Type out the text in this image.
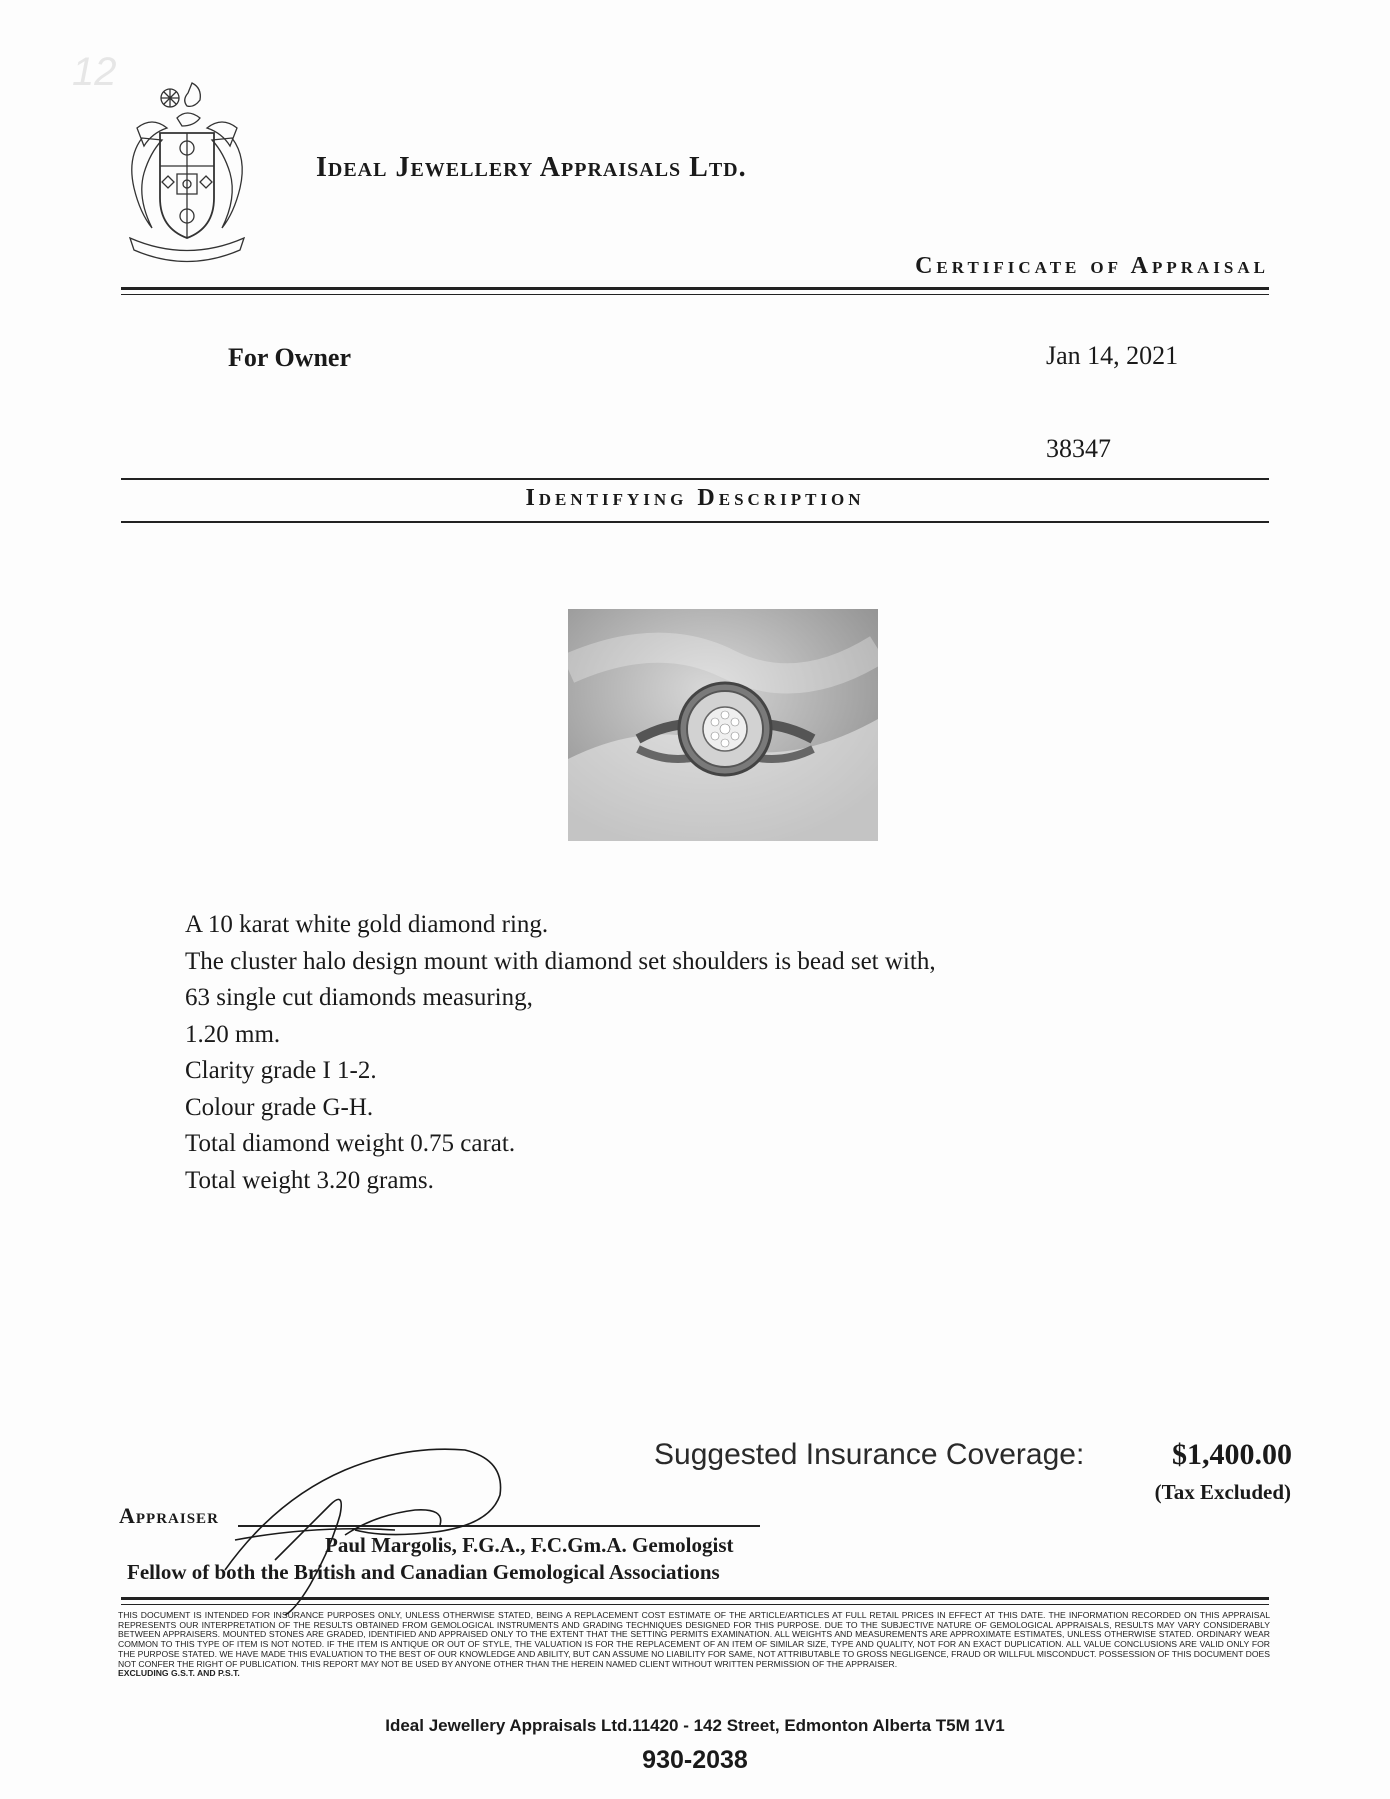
12
Ideal Jewellery Appraisals Ltd.
Certificate of Appraisal
For Owner	Jan 14, 2021
38347
Identifying Description
A 10 karat white gold diamond ring.
The cluster halo design mount with diamond set shoulders is bead set with,
63 single cut diamonds measuring,
1.20 mm.
Clarity grade I 1-2.
Colour grade G-H.
Total diamond weight 0.75 carat.
Total weight 3.20 grams.
Suggested Insurance Coverage:	$1,400.00
(Tax Excluded)
Appraiser
Paul Margolis, F.G.A., F.C.Gm.A. Gemologist
Fellow of both the British and Canadian Gemological Associations
THIS DOCUMENT IS INTENDED FOR INSURANCE PURPOSES ONLY, UNLESS OTHERWISE STATED, BEING A REPLACEMENT COST ESTIMATE OF THE ARTICLE/ARTICLES AT FULL RETAIL PRICES IN EFFECT AT THIS DATE. THE INFORMATION RECORDED ON THIS APPRAISAL REPRESENTS OUR INTERPRETATION OF THE RESULTS OBTAINED FROM GEMOLOGICAL INSTRUMENTS AND GRADING TECHNIQUES DESIGNED FOR THIS PURPOSE. DUE TO THE SUBJECTIVE NATURE OF GEMOLOGICAL APPRAISALS, RESULTS MAY VARY CONSIDERABLY BETWEEN APPRAISERS. MOUNTED STONES ARE GRADED, IDENTIFIED AND APPRAISED ONLY TO THE EXTENT THAT THE SETTING PERMITS EXAMINATION. ALL WEIGHTS AND MEASUREMENTS ARE APPROXIMATE ESTIMATES, UNLESS OTHERWISE STATED. ORDINARY WEAR COMMON TO THIS TYPE OF ITEM IS NOT NOTED. IF THE ITEM IS ANTIQUE OR OUT OF STYLE, THE VALUATION IS FOR THE REPLACEMENT OF AN ITEM OF SIMILAR SIZE, TYPE AND QUALITY, NOT FOR AN EXACT DUPLICATION. ALL VALUE CONCLUSIONS ARE VALID ONLY FOR THE PURPOSE STATED. WE HAVE MADE THIS EVALUATION TO THE BEST OF OUR KNOWLEDGE AND ABILITY, BUT CAN ASSUME NO LIABILITY FOR SAME, NOT ATTRIBUTABLE TO GROSS NEGLIGENCE, FRAUD OR WILLFUL MISCONDUCT. POSSESSION OF THIS DOCUMENT DOES NOT CONFER THE RIGHT OF PUBLICATION. THIS REPORT MAY NOT BE USED BY ANYONE OTHER THAN THE HEREIN NAMED CLIENT WITHOUT WRITTEN PERMISSION OF THE APPRAISER.
EXCLUDING G.S.T. AND P.S.T.
Ideal Jewellery Appraisals Ltd.11420 - 142 Street, Edmonton Alberta T5M 1V1
930-2038
